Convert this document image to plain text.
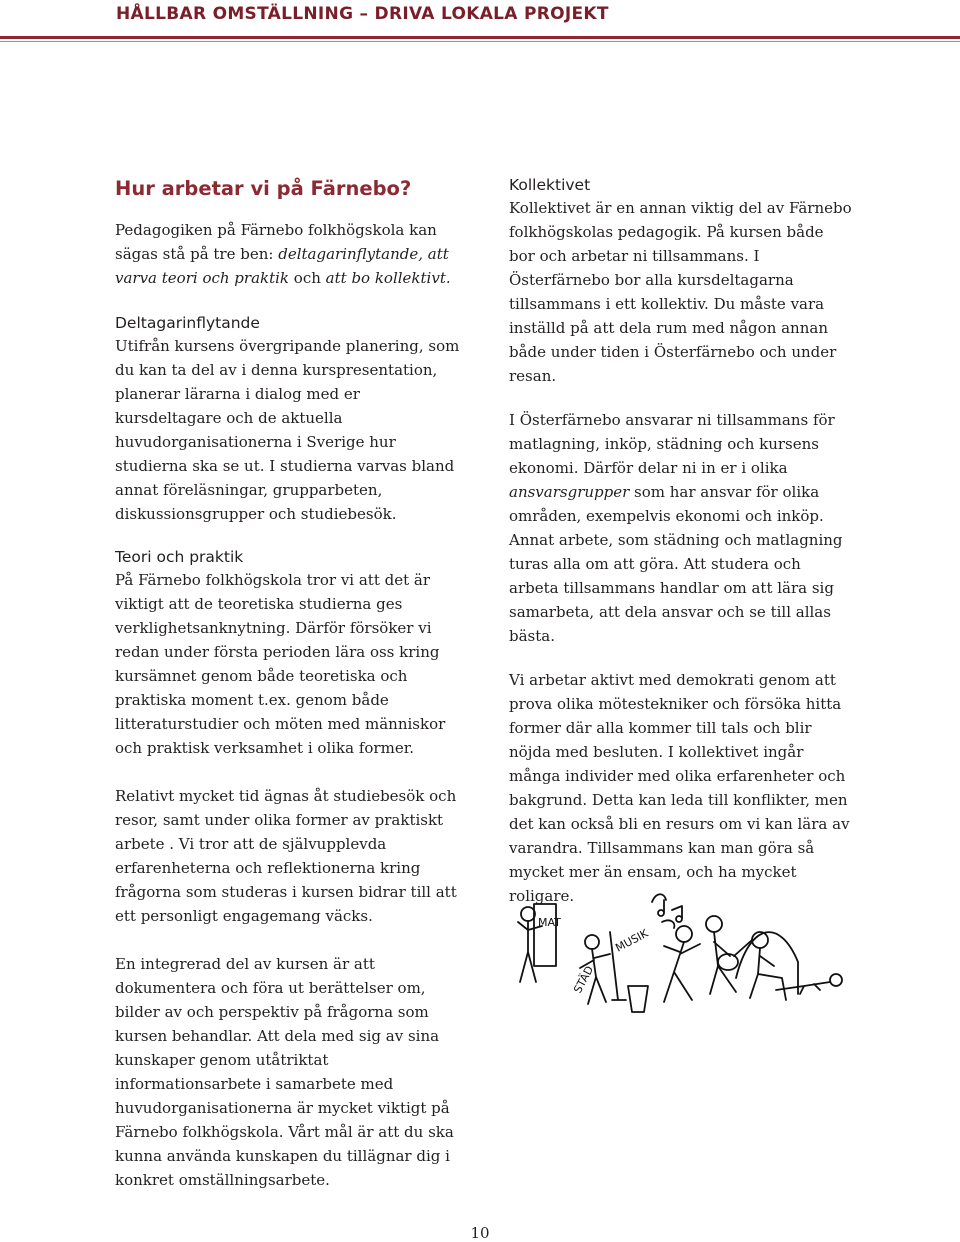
HÅLLBAR OMSTÄLLNING – DRIVA LOKALA PROJEKT
Hur arbetar vi på Färnebo?

Pedagogiken på Färnebo folkhögskola kan sägas stå på tre ben: deltagarinflytande, att varva teori och praktik och att bo kollektivt.

Deltagarinflytande

Utifrån kursens övergripande planering, som du kan ta del av i denna kurspresentation, planerar lärarna i dialog med er kursdeltagare och de aktuella huvudorganisationerna i Sverige hur studierna ska se ut. I studierna varvas bland annat föreläsningar, grupparbeten, diskussionsgrupper och studiebesök.

Teori och praktik

På Färnebo folkhögskola tror vi att det är viktigt att de teoretiska studierna ges verklighetsanknytning. Därför försöker vi redan under första perioden lära oss kring kursämnet genom både teoretiska och praktiska moment t.ex. genom både litteraturstudier och möten med människor och praktisk verksamhet i olika former.

Relativt mycket tid ägnas åt studiebesök och resor, samt under olika former av praktiskt arbete . Vi tror att de självupplevda erfarenheterna och reflektionerna kring frågorna som studeras i kursen bidrar till att ett personligt engagemang väcks.

En integrerad del av kursen är att dokumentera och föra ut berättelser om, bilder av och perspektiv på frågorna som kursen behandlar. Att dela med sig av sina kunskaper genom utåtriktat informationsarbete i samarbete med huvudorganisationerna är mycket viktigt på Färnebo folkhögskola. Vårt mål är att du ska kunna använda kunskapen du tillägnar dig i konkret omställningsarbete.

Kollektivet

Kollektivet är en annan viktig del av Färnebo folkhögskolas pedagogik. På kursen både bor och arbetar ni tillsammans. I Österfärnebo bor alla kursdeltagarna tillsammans i ett kollektiv. Du måste vara inställd på att dela rum med någon annan både under tiden i Österfärnebo och under resan.

I Österfärnebo ansvarar ni tillsammans för matlagning, inköp, städning och kursens ekonomi. Därför delar ni in er i olika ansvarsgrupper som har ansvar för olika områden, exempelvis ekonomi och inköp. Annat arbete, som städning och matlagning turas alla om att göra. Att studera och arbeta tillsammans handlar om att lära sig samarbeta, att dela ansvar och se till allas bästa.

Vi arbetar aktivt med demokrati genom att prova olika mötestekniker och försöka hitta former där alla kommer till tals och blir nöjda med besluten. I kollektivet ingår många individer med olika erfarenheter och bakgrund. Detta kan leda till konflikter, men det kan också bli en resurs om vi kan lära av varandra. Tillsammans kan man göra så mycket mer än ensam, och ha mycket roligare.

MAT
STÄD
MUSIK
10
